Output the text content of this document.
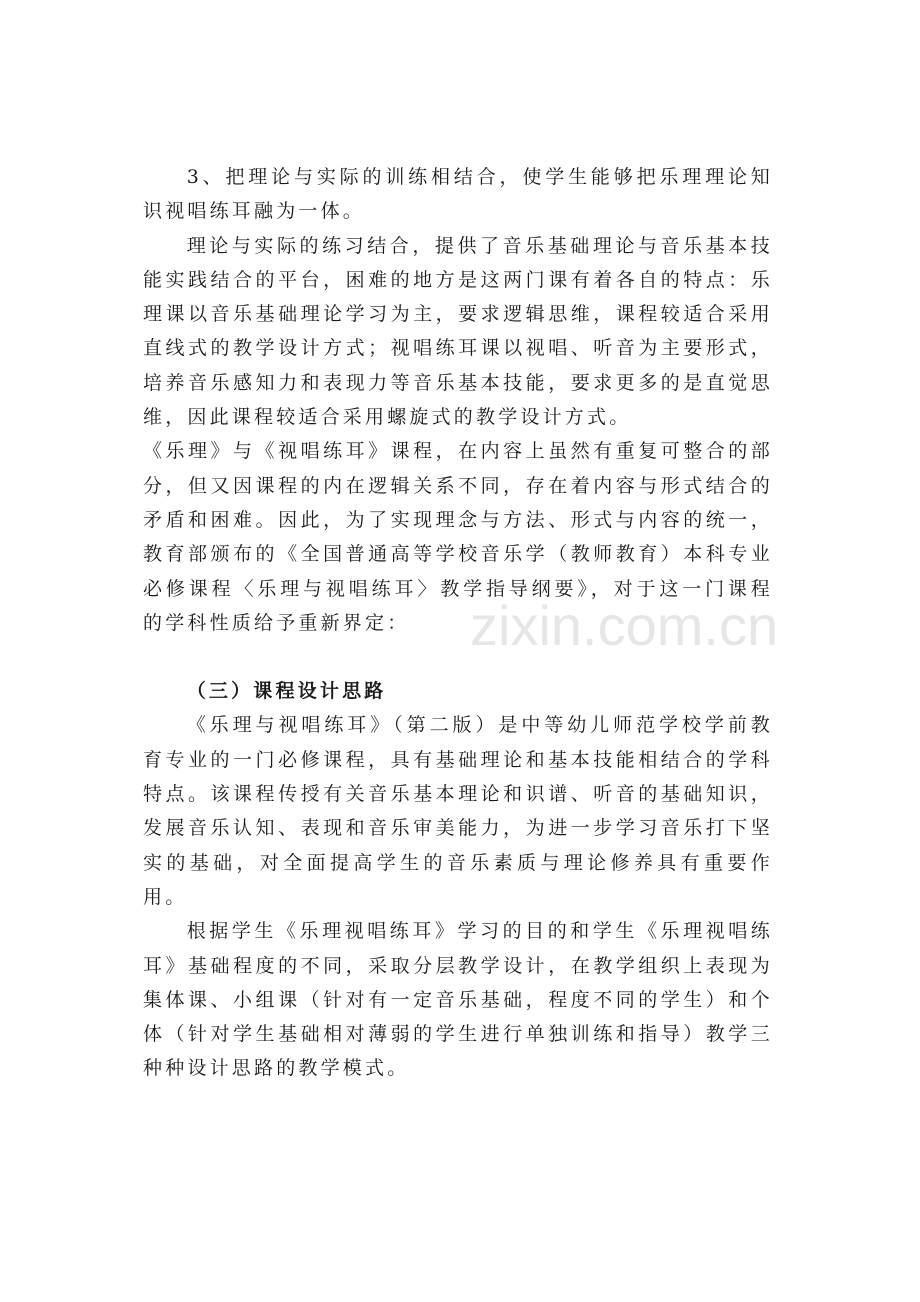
3、把理论与实际的训练相结合，使学生能够把乐理理论知识视唱练耳融为一体。

理论与实际的练习结合，提供了音乐基础理论与音乐基本技能实践结合的平台，困难的地方是这两门课有着各自的特点：乐理课以音乐基础理论学习为主，要求逻辑思维，课程较适合采用直线式的教学设计方式；视唱练耳课以视唱、听音为主要形式，培养音乐感知力和表现力等音乐基本技能，要求更多的是直觉思维，因此课程较适合采用螺旋式的教学设计方式。

《乐理》与《视唱练耳》课程，在内容上虽然有重复可整合的部分，但又因课程的内在逻辑关系不同，存在着内容与形式结合的矛盾和困难。因此，为了实现理念与方法、形式与内容的统一，教育部颁布的《全国普通高等学校音乐学（教师教育）本科专业必修课程〈乐理与视唱练耳〉教学指导纲要》，对于这一门课程的学科性质给予重新界定：

（三）课程设计思路

《乐理与视唱练耳》（第二版）是中等幼儿师范学校学前教育专业的一门必修课程，具有基础理论和基本技能相结合的学科特点。该课程传授有关音乐基本理论和识谱、听音的基础知识，发展音乐认知、表现和音乐审美能力，为进一步学习音乐打下坚实的基础，对全面提高学生的音乐素质与理论修养具有重要作用。

根据学生《乐理视唱练耳》学习的目的和学生《乐理视唱练耳》基础程度的不同，采取分层教学设计，在教学组织上表现为集体课、小组课（针对有一定音乐基础，程度不同的学生）和个体（针对学生基础相对薄弱的学生进行单独训练和指导）教学三种种设计思路的教学模式。

zixin.com.cn
